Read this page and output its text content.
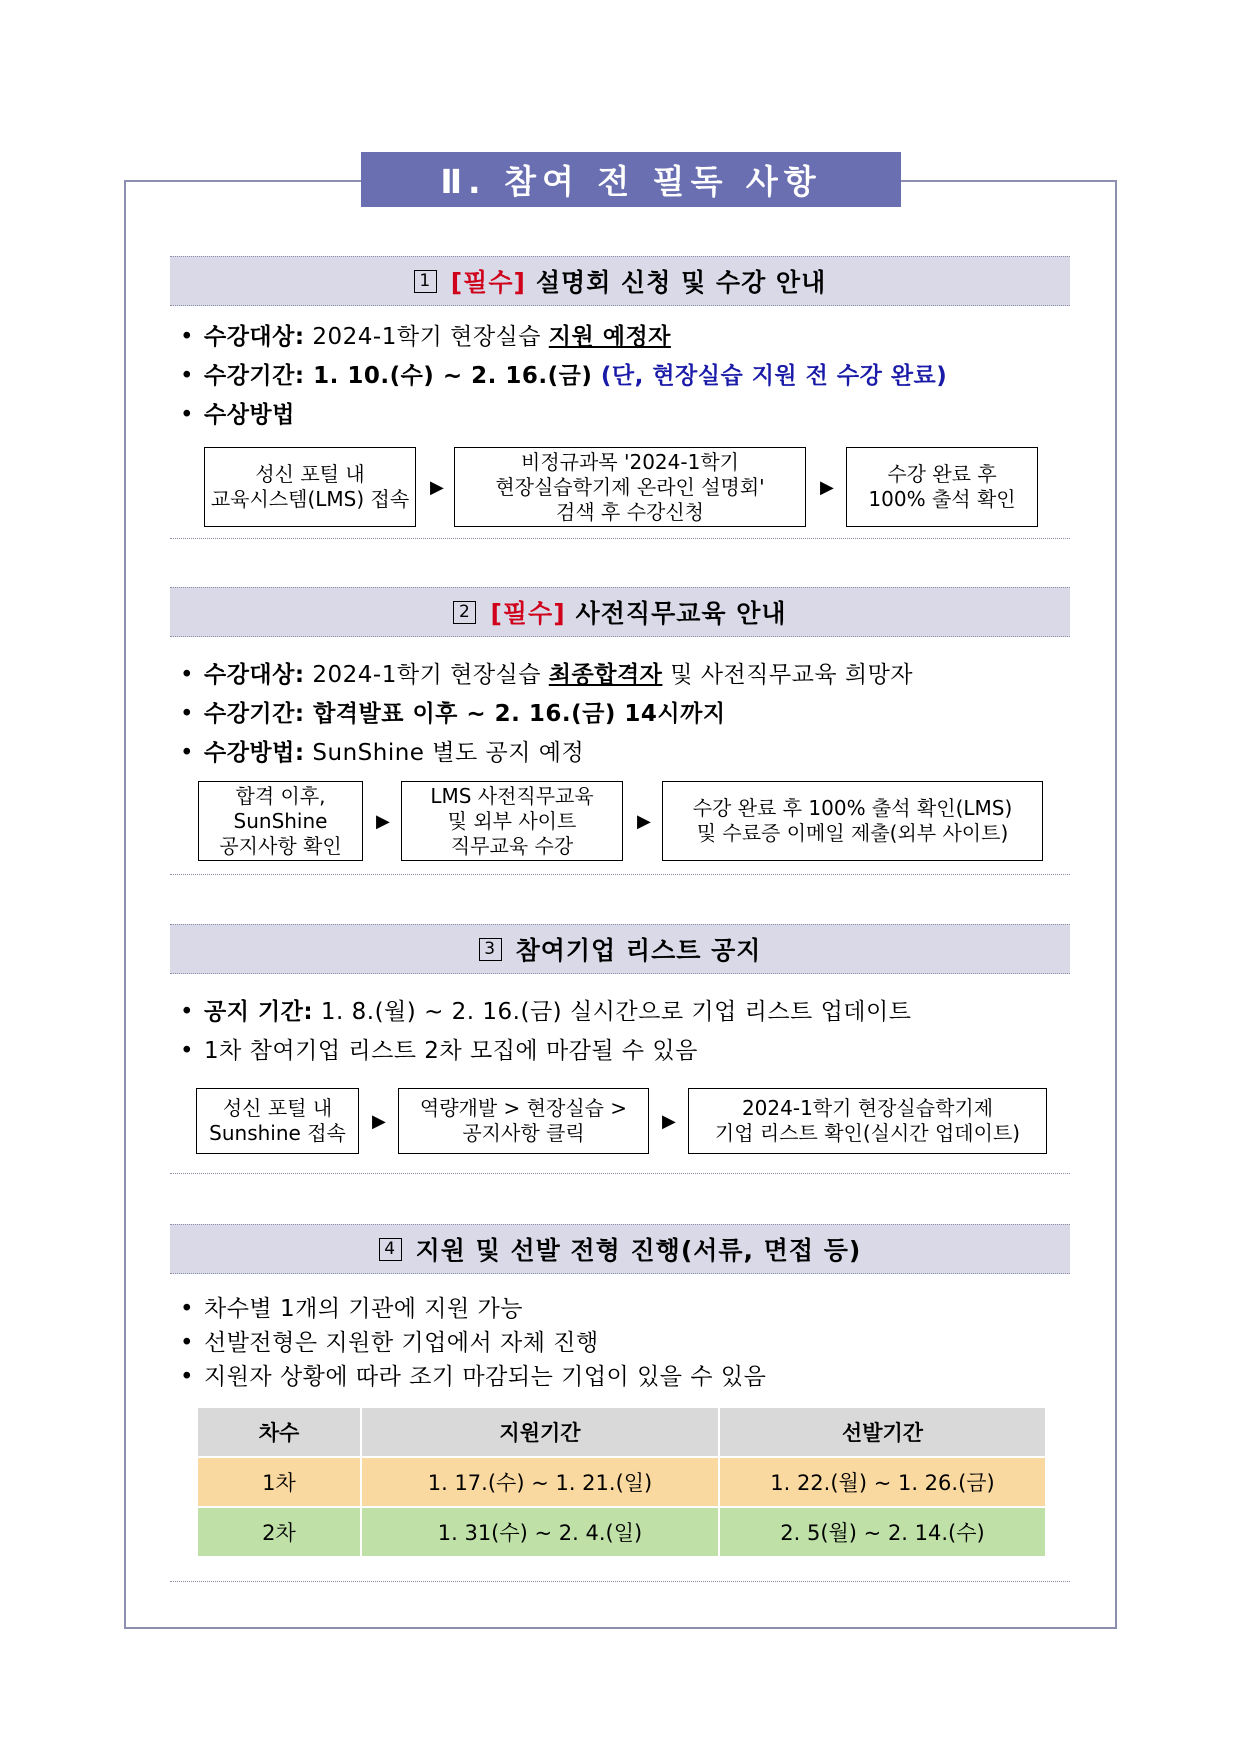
Ⅱ. 참여 전 필독 사항
1 [필수] 설명회 신청 및 수강 안내
• 수강대상: 2024-1학기 현장실습 지원 예정자
• 수강기간: 1. 10.(수) ~ 2. 16.(금) (단, 현장실습 지원 전 수강 완료)
• 수상방법
성신 포털 내
교육시스템(LMS) 접속 ▶
비정규과목 '2024-1학기
현장실습학기제 온라인 설명회'
검색 후 수강신청
▶
수강 완료 후
100% 출석 확인
2 [필수] 사전직무교육 안내
• 수강대상: 2024-1학기 현장실습 최종합격자 및 사전직무교육 희망자
• 수강기간: 합격발표 이후 ~ 2. 16.(금) 14시까지
• 수강방법: SunShine 별도 공지 예정
합격 이후,
SunShine
공지사항 확인
▶
LMS 사전직무교육
및 외부 사이트
직무교육 수강
▶
수강 완료 후 100% 출석 확인(LMS)
및 수료증 이메일 제출(외부 사이트)
3 참여기업 리스트 공지
• 공지 기간: 1. 8.(월) ~ 2. 16.(금) 실시간으로 기업 리스트 업데이트
• 1차 참여기업 리스트 2차 모집에 마감될 수 있음
성신 포털 내
Sunshine 접속 ▶
역량개발 > 현장실습 >
공지사항 클릭	▶
2024-1학기 현장실습학기제
기업 리스트 확인(실시간 업데이트)
4 지원 및 선발 전형 진행(서류, 면접 등)
• 차수별 1개의 기관에 지원 가능
• 선발전형은 지원한 기업에서 자체 진행
• 지원자 상황에 따라 조기 마감되는 기업이 있을 수 있음
차수	지원기간	선발기간
1차	1. 17.(수) ~ 1. 21.(일)	1. 22.(월) ~ 1. 26.(금)
2차	1. 31(수) ~ 2. 4.(일)	2. 5(월) ~ 2. 14.(수)
